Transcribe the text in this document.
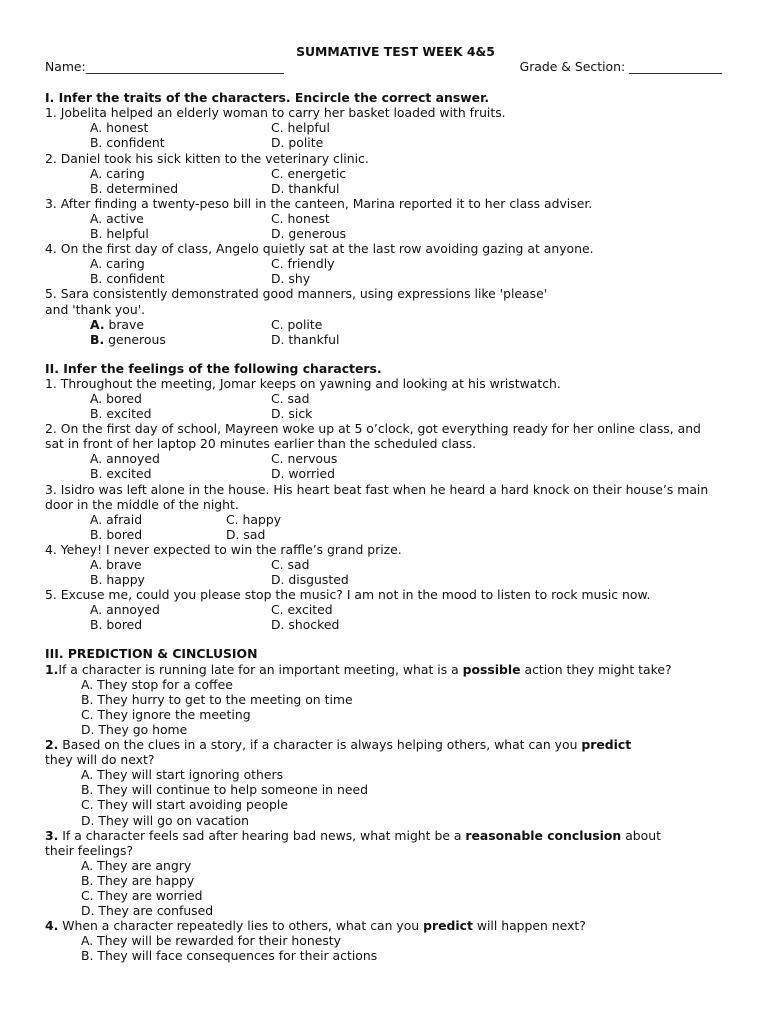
SUMMATIVE TEST WEEK 4&5
Name:________________________________	Grade & Section: _______________
I. Infer the traits of the characters. Encircle the correct answer.
1. Jobelita helped an elderly woman to carry her basket loaded with fruits.
A. honest	C. helpful
B. confident	D. polite
2. Daniel took his sick kitten to the veterinary clinic.
A. caring	C. energetic
B. determined	D. thankful
3. After finding a twenty-peso bill in the canteen, Marina reported it to her class adviser.
A. active	C. honest
B. helpful	D. generous
4. On the first day of class, Angelo quietly sat at the last row avoiding gazing at anyone.
A. caring	C. friendly
B. confident	D. shy
5. Sara consistently demonstrated good manners, using expressions like 'please'
and 'thank you'.
A. brave	C. polite
B. generous	D. thankful
II. Infer the feelings of the following characters.
1. Throughout the meeting, Jomar keeps on yawning and looking at his wristwatch.
A. bored	C. sad
B. excited	D. sick
2. On the first day of school, Mayreen woke up at 5 o’clock, got everything ready for her online class, and
sat in front of her laptop 20 minutes earlier than the scheduled class.
A. annoyed	C. nervous
B. excited	D. worried
3. Isidro was left alone in the house. His heart beat fast when he heard a hard knock on their house’s main
door in the middle of the night.
A. afraid	C. happy
B. bored	D. sad
4. Yehey! I never expected to win the raffle’s grand prize.
A. brave	C. sad
B. happy	D. disgusted
5. Excuse me, could you please stop the music? I am not in the mood to listen to rock music now.
A. annoyed	C. excited
B. bored	D. shocked
III. PREDICTION & CINCLUSION
1.If a character is running late for an important meeting, what is a possible action they might take?
A. They stop for a coffee
B. They hurry to get to the meeting on time
C. They ignore the meeting
D. They go home
2. Based on the clues in a story, if a character is always helping others, what can you predict
they will do next?
A. They will start ignoring others
B. They will continue to help someone in need
C. They will start avoiding people
D. They will go on vacation
3. If a character feels sad after hearing bad news, what might be a reasonable conclusion about
their feelings?
A. They are angry
B. They are happy
C. They are worried
D. They are confused
4. When a character repeatedly lies to others, what can you predict will happen next?
A. They will be rewarded for their honesty
B. They will face consequences for their actions
